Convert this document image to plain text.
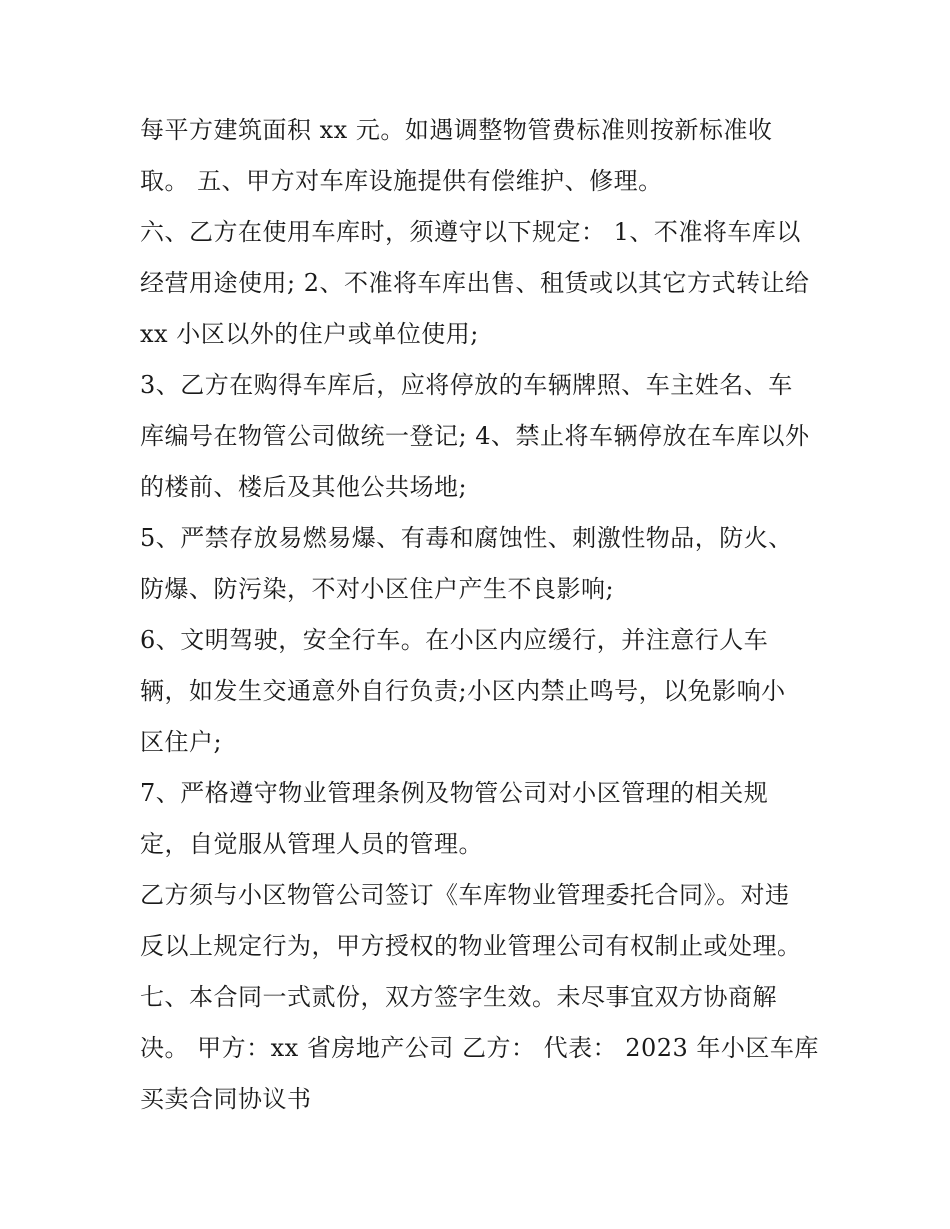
每平方建筑面积 xx 元。如遇调整物管费标准则按新标准收
取。 五、甲方对车库设施提供有偿维护、修理。
六、乙方在使用车库时，须遵守以下规定： 1、不准将车库以
经营用途使用; 2、不准将车库出售、租赁或以其它方式转让给
xx 小区以外的住户或单位使用;
3、乙方在购得车库后，应将停放的车辆牌照、车主姓名、车
库编号在物管公司做统一登记; 4、禁止将车辆停放在车库以外
的楼前、楼后及其他公共场地;
5、严禁存放易燃易爆、有毒和腐蚀性、刺激性物品，防火、
防爆、防污染，不对小区住户产生不良影响;
6、文明驾驶，安全行车。在小区内应缓行，并注意行人车
辆，如发生交通意外自行负责;小区内禁止鸣号，以免影响小
区住户;
7、严格遵守物业管理条例及物管公司对小区管理的相关规
定，自觉服从管理人员的管理。
乙方须与小区物管公司签订《车库物业管理委托合同》。对违
反以上规定行为，甲方授权的物业管理公司有权制止或处理。
七、本合同一式贰份，双方签字生效。未尽事宜双方协商解
决。 甲方：xx 省房地产公司 乙方： 代表： 2023 年小区车库
买卖合同协议书
